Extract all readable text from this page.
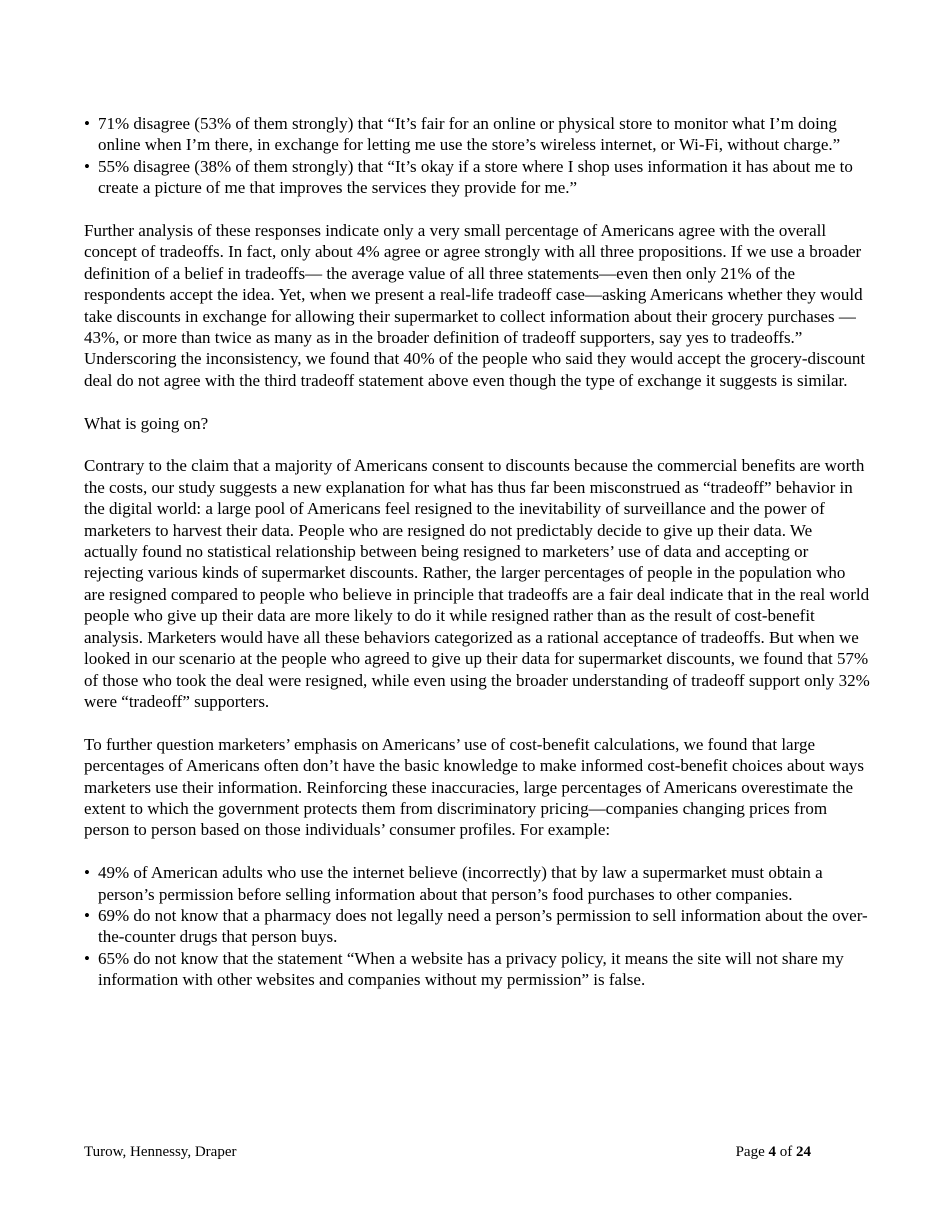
• 71% disagree (53% of them strongly) that “It’s fair for an online or physical store to monitor what I’m doing online when I’m there, in exchange for letting me use the store’s wireless internet, or Wi-Fi, without charge.”
• 55% disagree (38% of them strongly) that “It’s okay if a store where I shop uses information it has about me to create a picture of me that improves the services they provide for me.”

Further analysis of these responses indicate only a very small percentage of Americans agree with the overall concept of tradeoffs. In fact, only about 4% agree or agree strongly with all three propositions. If we use a broader definition of a belief in tradeoffs— the average value of all three statements—even then only 21% of the respondents accept the idea. Yet, when we present a real-life tradeoff case—asking Americans whether they would take discounts in exchange for allowing their supermarket to collect information about their grocery purchases —43%, or more than twice as many as in the broader definition of tradeoff supporters, say yes to tradeoffs.” Underscoring the inconsistency, we found that 40% of the people who said they would accept the grocery-discount deal do not agree with the third tradeoff statement above even though the type of exchange it suggests is similar.

What is going on?

Contrary to the claim that a majority of Americans consent to discounts because the commercial benefits are worth the costs, our study suggests a new explanation for what has thus far been misconstrued as “tradeoff” behavior in the digital world: a large pool of Americans feel resigned to the inevitability of surveillance and the power of marketers to harvest their data. People who are resigned do not predictably decide to give up their data. We actually found no statistical relationship between being resigned to marketers’ use of data and accepting or rejecting various kinds of supermarket discounts. Rather, the larger percentages of people in the population who are resigned compared to people who believe in principle that tradeoffs are a fair deal indicate that in the real world people who give up their data are more likely to do it while resigned rather than as the result of cost-benefit analysis. Marketers would have all these behaviors categorized as a rational acceptance of tradeoffs. But when we looked in our scenario at the people who agreed to give up their data for supermarket discounts, we found that 57% of those who took the deal were resigned, while even using the broader understanding of tradeoff support only 32% were “tradeoff” supporters.

To further question marketers’ emphasis on Americans’ use of cost-benefit calculations, we found that large percentages of Americans often don’t have the basic knowledge to make informed cost-benefit choices about ways marketers use their information. Reinforcing these inaccuracies, large percentages of Americans overestimate the extent to which the government protects them from discriminatory pricing—companies changing prices from person to person based on those individuals’ consumer profiles. For example:

• 49% of American adults who use the internet believe (incorrectly) that by law a supermarket must obtain a person’s permission before selling information about that person’s food purchases to other companies.
• 69% do not know that a pharmacy does not legally need a person’s permission to sell information about the over-the-counter drugs that person buys.
• 65% do not know that the statement “When a website has a privacy policy, it means the site will not share my information with other websites and companies without my permission” is false.
Turow, Hennessy, Draper	Page 4 of 24
